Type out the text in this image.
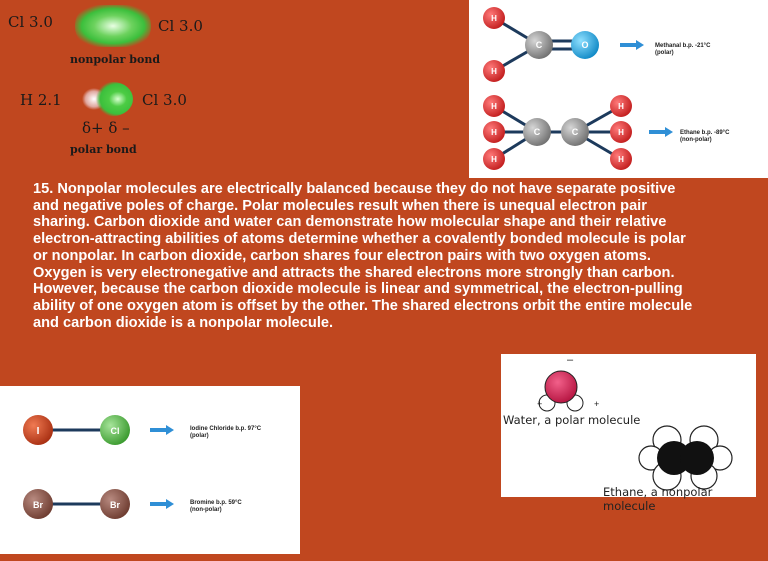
Cl 3.0	Cl 3.0
nonpolar bond
H 2.1	Cl 3.0
δ+ δ –
polar bond
H
C	O
H
Methanal b.p. -21°C
(polar)
H
H
H
C	C
H
H
H
Ethane b.p. -89°C
(non-polar)
15. Nonpolar molecules are electrically balanced because they do not have separate positive and negative poles of charge. Polar molecules result when there is unequal electron pair sharing. Carbon dioxide and water can demonstrate how molecular shape and their relative electron-attracting abilities of atoms determine whether a covalently bonded molecule is polar or nonpolar. In carbon dioxide, carbon shares four electron pairs with two oxygen atoms. Oxygen is very electronegative and attracts the shared electrons more strongly than carbon. However, because the carbon dioxide molecule is linear and symmetrical, the electron-pulling ability of one oxygen atom is offset by the other. The shared electrons orbit the entire molecule and carbon dioxide is a nonpolar molecule.
I	Cl	Iodine Chloride b.p. 97°C
(polar)
Br	Br	Bromine b.p. 59°C
(non-polar)
–
+	+
Water, a polar molecule
Ethane, a nonpolar molecule
